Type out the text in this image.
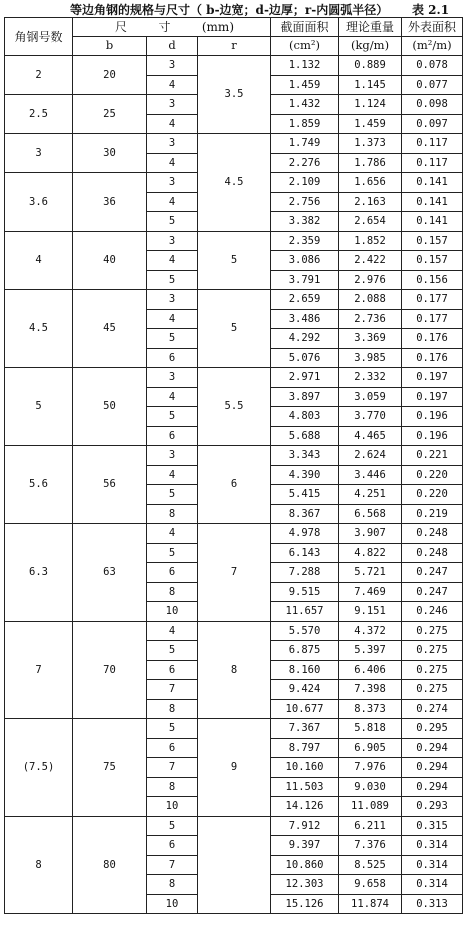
等边角钢的规格与尺寸（ b-边宽；d-边厚；r-内圆弧半径） 表 2.1
角钢号数	尺 寸 (mm)			截面面积	理论重量	外表面积
	b	d	r	(cm²)	(kg/m)	(m²/m)
2	20	3	3.5	1.132	0.889	0.078
		4		1.459	1.145	0.077
2.5	25	3		1.432	1.124	0.098
		4		1.859	1.459	0.097
3	30	3	4.5	1.749	1.373	0.117
		4		2.276	1.786	0.117
3.6	36	3		2.109	1.656	0.141
		4		2.756	2.163	0.141
		5		3.382	2.654	0.141
4	40	3	5	2.359	1.852	0.157
		4		3.086	2.422	0.157
		5		3.791	2.976	0.156
4.5	45	3	5	2.659	2.088	0.177
		4		3.486	2.736	0.177
		5		4.292	3.369	0.176
		6		5.076	3.985	0.176
5	50	3	5.5	2.971	2.332	0.197
		4		3.897	3.059	0.197
		5		4.803	3.770	0.196
		6		5.688	4.465	0.196
5.6	56	3	6	3.343	2.624	0.221
		4		4.390	3.446	0.220
		5		5.415	4.251	0.220
		8		8.367	6.568	0.219
6.3	63	4	7	4.978	3.907	0.248
		5		6.143	4.822	0.248
		6		7.288	5.721	0.247
		8		9.515	7.469	0.247
		10		11.657	9.151	0.246
7	70	4	8	5.570	4.372	0.275
		5		6.875	5.397	0.275
		6		8.160	6.406	0.275
		7		9.424	7.398	0.275
		8		10.677	8.373	0.274
(7.5)	75	5	9	7.367	5.818	0.295
		6		8.797	6.905	0.294
		7		10.160	7.976	0.294
		8		11.503	9.030	0.294
		10		14.126	11.089	0.293
8	80	5		7.912	6.211	0.315
		6		9.397	7.376	0.314
		7		10.860	8.525	0.314
		8		12.303	9.658	0.314
		10		15.126	11.874	0.313
